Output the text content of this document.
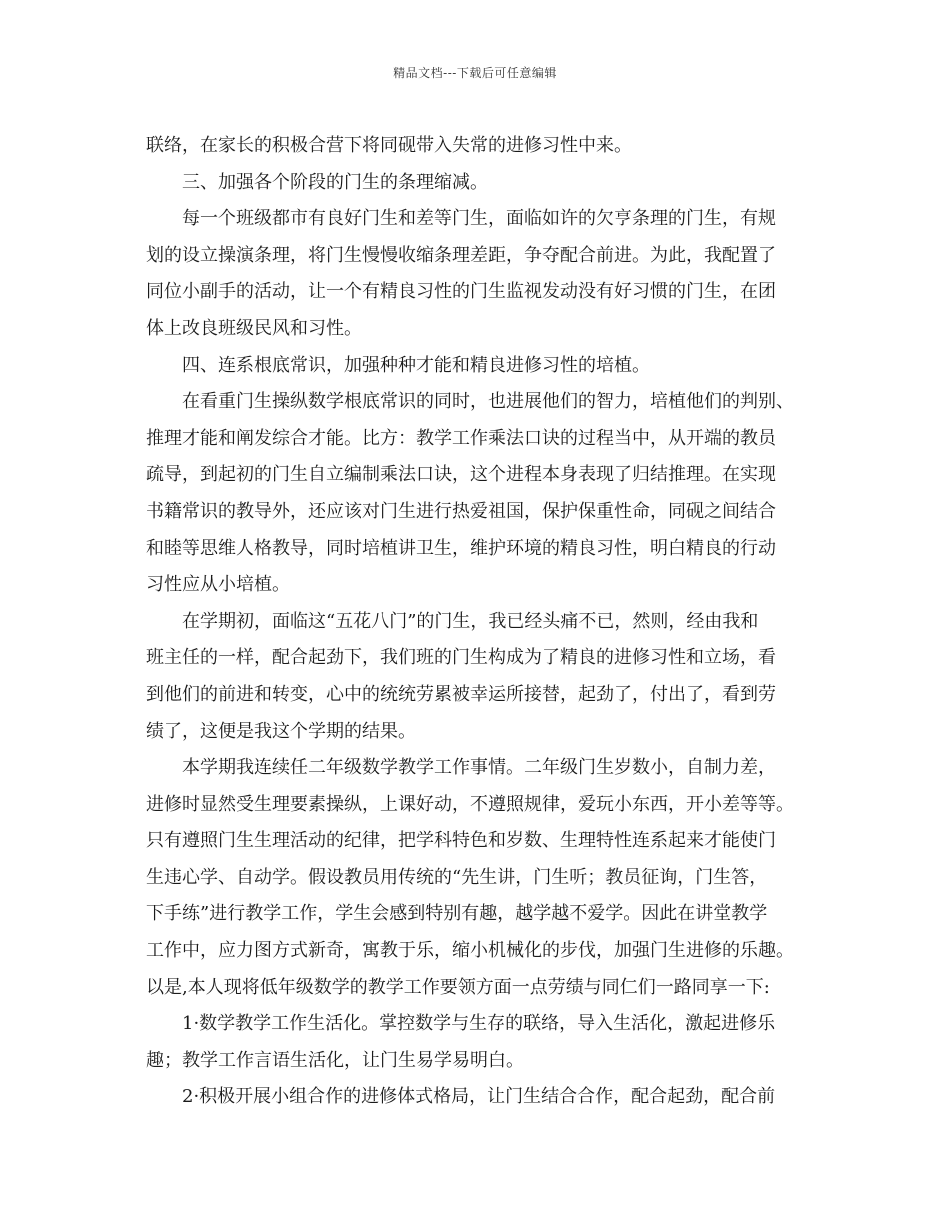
精品文档---下载后可任意编辑
联络，在家长的积极合营下将同砚带入失常的进修习性中来。
三、加强各个阶段的门生的条理缩减。
每一个班级都市有良好门生和差等门生，面临如许的欠亨条理的门生，有规
划的设立操演条理，将门生慢慢收缩条理差距，争夺配合前进。为此，我配置了
同位小副手的活动，让一个有精良习性的门生监视发动没有好习惯的门生，在团
体上改良班级民风和习性。
四、连系根底常识，加强种种才能和精良进修习性的培植。
在看重门生操纵数学根底常识的同时，也进展他们的智力，培植他们的判别、
推理才能和阐发综合才能。比方：教学工作乘法口诀的过程当中，从开端的教员
疏导，到起初的门生自立编制乘法口诀，这个进程本身表现了归结推理。在实现
书籍常识的教导外，还应该对门生进行热爱祖国，保护保重性命，同砚之间结合
和睦等思维人格教导，同时培植讲卫生，维护环境的精良习性，明白精良的行动
习性应从小培植。
在学期初，面临这“五花八门”的门生，我已经头痛不已，然则，经由我和
班主任的一样，配合起劲下，我们班的门生构成为了精良的进修习性和立场，看
到他们的前进和转变，心中的统统劳累被幸运所接替，起劲了，付出了，看到劳
绩了，这便是我这个学期的结果。
本学期我连续任二年级数学教学工作事情。二年级门生岁数小，自制力差，
进修时显然受生理要素操纵，上课好动，不遵照规律，爱玩小东西，开小差等等。
只有遵照门生生理活动的纪律，把学科特色和岁数、生理特性连系起来才能使门
生违心学、自动学。假设教员用传统的“先生讲，门生听；教员征询，门生答，
下手练”进行教学工作，学生会感到特别有趣，越学越不爱学。因此在讲堂教学
工作中，应力图方式新奇，寓教于乐，缩小机械化的步伐，加强门生进修的乐趣。
以是,本人现将低年级数学的教学工作要领方面一点劳绩与同仁们一路同享一下:
1·数学教学工作生活化。掌控数学与生存的联络，导入生活化，激起进修乐
趣；教学工作言语生活化，让门生易学易明白。
2·积极开展小组合作的进修体式格局，让门生结合合作，配合起劲，配合前
